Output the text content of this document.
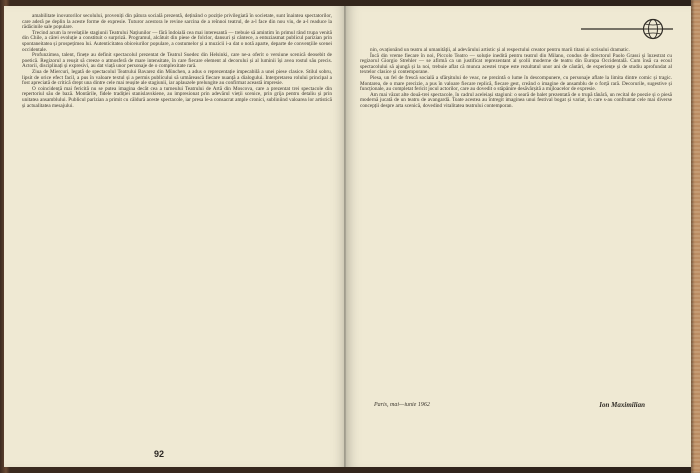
amabilitate inovatorilor secolului, proveniți din pătura socială prezentă, deținând o poziție privilegiată în societate, sunt înaintea spectatorilor, care aderă pe deplin la aceste forme de expresie. Tuturor acestora le revine sarcina de a reînnoi teatrul, de a-l face din nou viu, de a-l readuce la rădăcinile sale populare.

Trecind acum la revelațiile stagiunii Teatrului Națiunilor — fără îndoială cea mai interesantă — trebuie să amintim în primul rând trupa venită din Chile, a cărei evoluție a constituit o surpriză. Programul, alcătuit din piese de folclor, dansuri și cântece, a entuziasmat publicul parizian prin spontaneitatea și prospețimea lui. Autenticitatea obiceiurilor populare, a costumelor și a muzicii i-a dat o notă aparte, departe de convențiile scenei occidentale.

Profunzimea, talent, finețe au definit spectacolul prezentat de Teatrul Suedez din Helsinki, care ne-a oferit o versiune scenică deosebit de poetică. Regizorul a reușit să creeze o atmosferă de mare intensitate, în care fiecare element al decorului și al luminii își avea rostul său precis. Actorii, disciplinați și expresivi, au dat viață unor personaje de o complexitate rară.

Ziua de Miercuri, legată de spectacolul Teatrului Bavarez din München, a adus o reprezentație impecabilă a unei piese clasice. Stilul sobru, lipsit de orice efect facil, a pus în valoare textul și a permis publicului să urmărească fiecare nuanță a dialogului. Interpretarea rolului principal a fost apreciată de critică drept una dintre cele mai reușite ale stagiunii, iar aplauzele prelungite au confirmat această impresie.

O coincidență mai fericită nu se putea imagina decât cea a turneului Teatrului de Artă din Moscova, care a prezentat trei spectacole din repertoriul său de bază. Montările, fidele tradiției stanislavskiene, au impresionat prin adevărul vieții scenice, prin grija pentru detaliu și prin unitatea ansamblului. Publicul parizian a primit cu căldură aceste spectacole, iar presa le-a consacrat ample cronici, subliniind valoarea lor artistică și actualitatea mesajului.

92

nin, ovaționând un teatru al umanității, al adevărului artistic și al respectului creator pentru marii titani ai scrisului dramatic.

Încă din vreme fiecare în noi, Piccolo Teatro — soluție inedită pentru teatrul din Milano, condus de directorul Paolo Grassi și înzestrat cu regizorul Giorgio Strehler — se afirmă ca un justificat reprezentant al școlii moderne de teatru din Europa Occidentală. Cum însă ca ecoul spectacolului să ajungă și la noi, trebuie aflat că munca acestei trupe este rezultatul unor ani de căutări, de experiențe și de studiu aprofundat al textelor clasice și contemporane.

Piesa, un fel de frescă socială a sfârșitului de veac, ne prezintă o lume în descompunere, cu personaje aflate la limita dintre comic și tragic. Montarea, de o mare precizie, a pus în valoare fiecare replică, fiecare gest, creând o imagine de ansamblu de o forță rară. Decorurile, sugestive și funcționale, au completat fericit jocul actorilor, care au dovedit o stăpânire desăvârșită a mijloacelor de expresie.

Am mai văzut alte două-trei spectacole, în cadrul aceleiași stagiuni: o seară de balet prezentată de o trupă tânără, un recital de poezie și o piesă modernă jucată de un teatru de avangardă. Toate acestea au întregit imaginea unui festival bogat și variat, în care s-au confruntat cele mai diverse concepții despre arta scenică, dovedind vitalitatea teatrului contemporan.

Paris, mai—iunie 1962	Ion Maximilian
